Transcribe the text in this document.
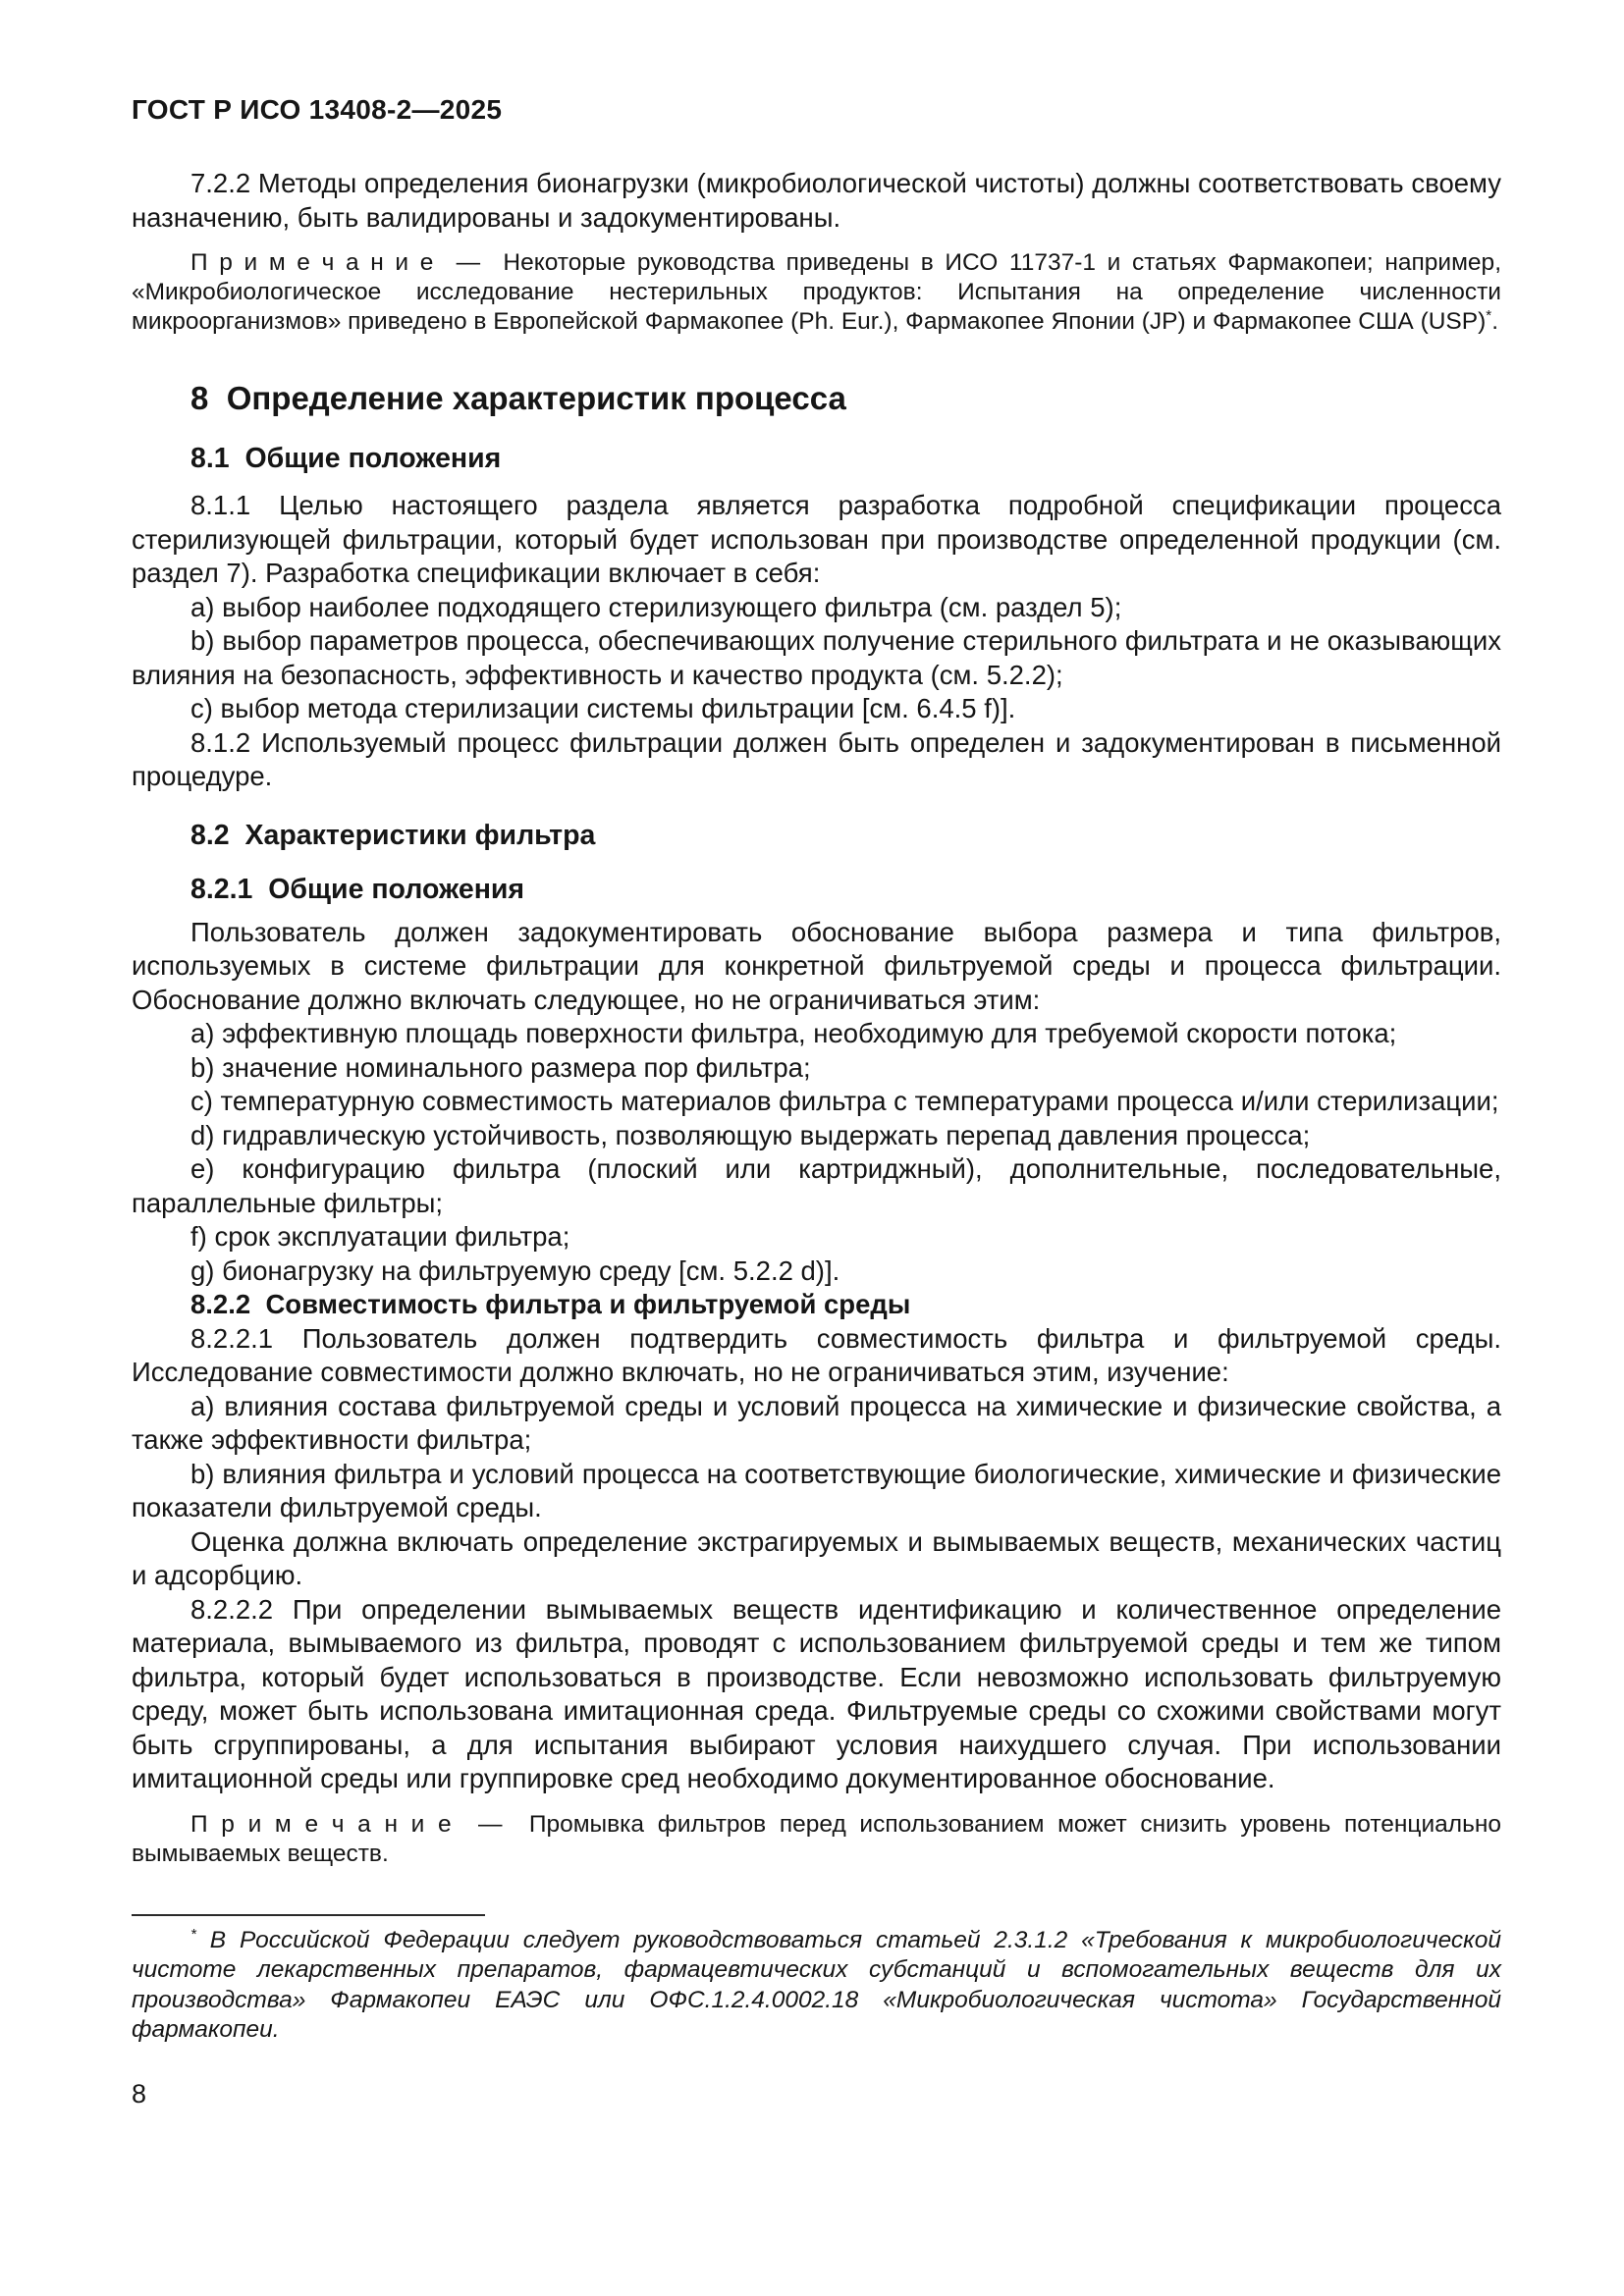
ГОСТ Р ИСО 13408-2—2025

7.2.2 Методы определения бионагрузки (микробиологической чистоты) должны соответствовать своему назначению, быть валидированы и задокументированы.

П р и м е ч а н и е  —  Некоторые руководства приведены в ИСО 11737-1 и статьях Фармакопеи; например, «Микробиологическое исследование нестерильных продуктов: Испытания на определение численности микроорганизмов» приведено в Европейской Фармакопее (Ph. Eur.), Фармакопее Японии (JP) и Фармакопее США (USP)*.

8  Определение характеристик процесса
8.1  Общие положения

8.1.1 Целью настоящего раздела является разработка подробной спецификации процесса стерилизующей фильтрации, который будет использован при производстве определенной продукции (см. раздел 7). Разработка спецификации включает в себя:

a) выбор наиболее подходящего стерилизующего фильтра (см. раздел 5);

b) выбор параметров процесса, обеспечивающих получение стерильного фильтрата и не оказывающих влияния на безопасность, эффективность и качество продукта (см. 5.2.2);

c) выбор метода стерилизации системы фильтрации [см. 6.4.5 f)].

8.1.2 Используемый процесс фильтрации должен быть определен и задокументирован в письменной процедуре.

8.2  Характеристики фильтра
8.2.1  Общие положения

Пользователь должен задокументировать обоснование выбора размера и типа фильтров, используемых в системе фильтрации для конкретной фильтруемой среды и процесса фильтрации. Обоснование должно включать следующее, но не ограничиваться этим:

a) эффективную площадь поверхности фильтра, необходимую для требуемой скорости потока;

b) значение номинального размера пор фильтра;

c) температурную совместимость материалов фильтра с температурами процесса и/или стерилизации;

d) гидравлическую устойчивость, позволяющую выдержать перепад давления процесса;

e) конфигурацию фильтра (плоский или картриджный), дополнительные, последовательные, параллельные фильтры;

f) срок эксплуатации фильтра;

g) бионагрузку на фильтруемую среду [см. 5.2.2 d)].

8.2.2  Совместимость фильтра и фильтруемой среды

8.2.2.1 Пользователь должен подтвердить совместимость фильтра и фильтруемой среды. Исследование совместимости должно включать, но не ограничиваться этим, изучение:

a) влияния состава фильтруемой среды и условий процесса на химические и физические свойства, а также эффективности фильтра;

b) влияния фильтра и условий процесса на соответствующие биологические, химические и физические показатели фильтруемой среды.

Оценка должна включать определение экстрагируемых и вымываемых веществ, механических частиц и адсорбцию.

8.2.2.2 При определении вымываемых веществ идентификацию и количественное определение материала, вымываемого из фильтра, проводят с использованием фильтруемой среды и тем же типом фильтра, который будет использоваться в производстве. Если невозможно использовать фильтруемую среду, может быть использована имитационная среда. Фильтруемые среды со схожими свойствами могут быть сгруппированы, а для испытания выбирают условия наихудшего случая. При использовании имитационной среды или группировке сред необходимо документированное обоснование.

П р и м е ч а н и е  —  Промывка фильтров перед использованием может снизить уровень потенциально вымываемых веществ.

* В Российской Федерации следует руководствоваться статьей 2.3.1.2 «Требования к микробиологической чистоте лекарственных препаратов, фармацевтических субстанций и вспомогательных веществ для их производства» Фармакопеи ЕАЭС или ОФС.1.2.4.0002.18 «Микробиологическая чистота» Государственной фармакопеи.

8
